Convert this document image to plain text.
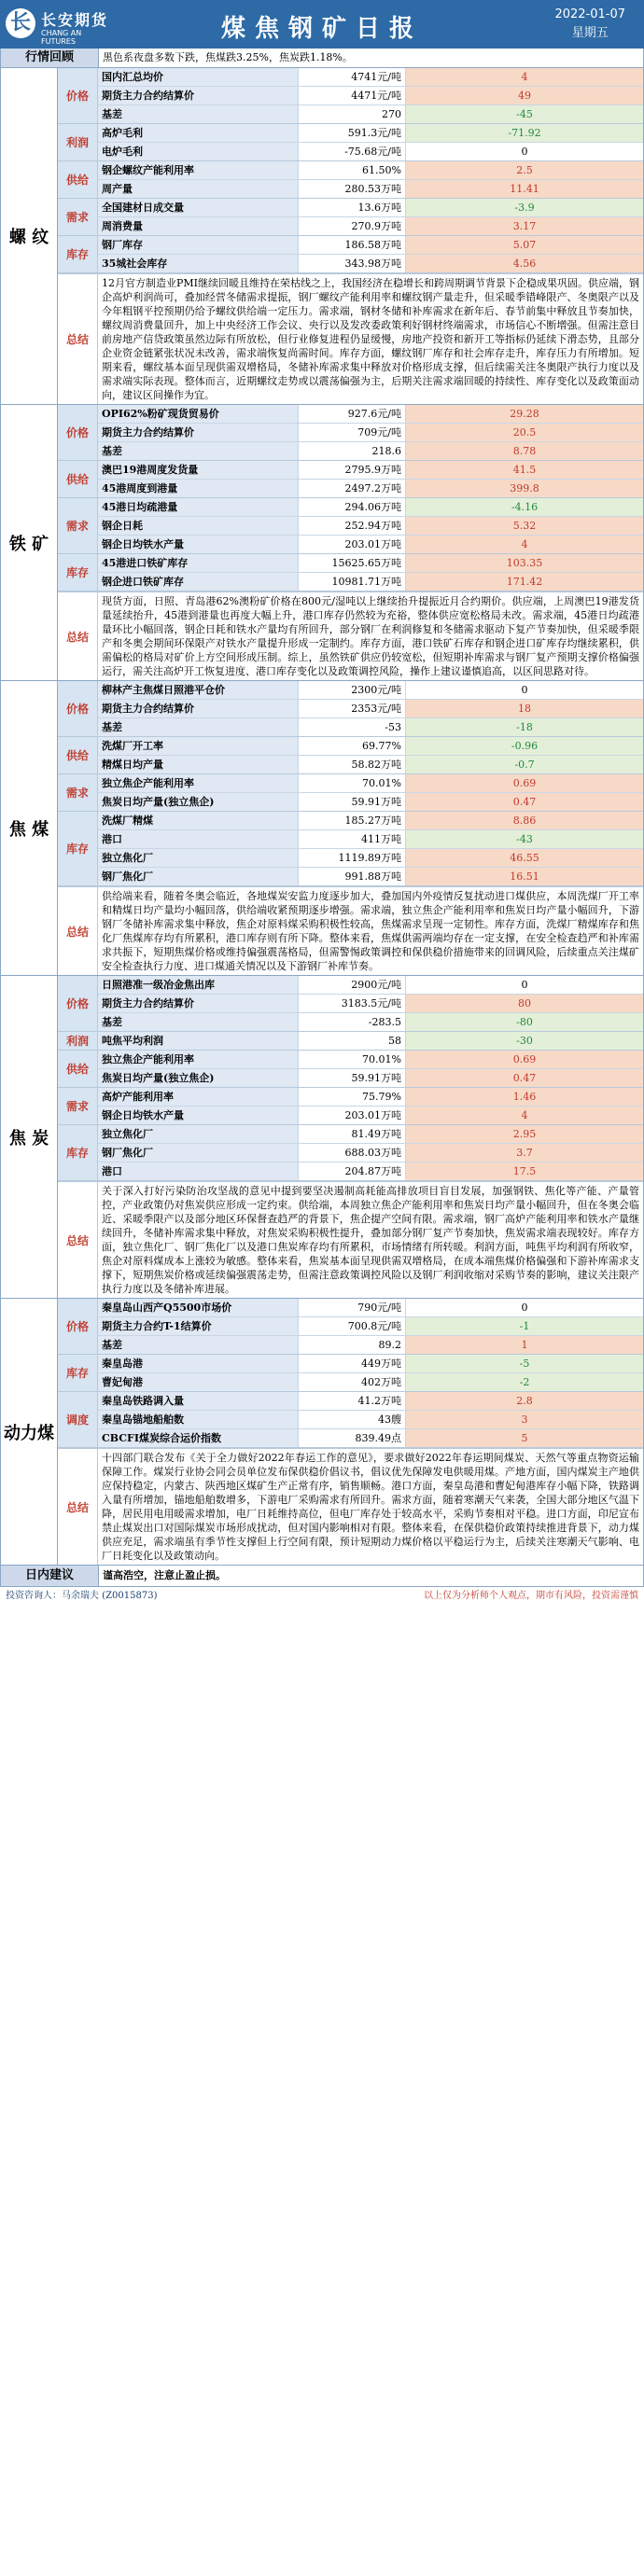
长 长安期货
CHANG AN FUTURES	煤焦钢矿日报
2022-01-07
星期五
行情回顾	黑色系夜盘多数下跌，焦煤跌3.25%，焦炭跌1.18%。
螺 纹
价格
国内汇总均价	4741元/吨	4
期货主力合约结算价	4471元/吨	49
基差	270	-45
利润
高炉毛利	591.3元/吨	-71.92
电炉毛利	-75.68元/吨	0
供给
钢企螺纹产能利用率	61.50%	2.5
周产量	280.53万吨	11.41
需求
全国建材日成交量	13.6万吨	-3.9
周消费量	270.9万吨	3.17
库存
钢厂库存	186.58万吨	5.07
35城社会库存	343.98万吨	4.56
总结
12月官方制造业PMI继续回暖且维持在荣枯线之上，我国经济在稳增长和跨周期调节背景下企稳成果巩固。供应端，钢企高炉利润尚可，叠加经营冬储需求提振，钢厂螺纹产能利用率和螺纹钢产量走升，但采暖季错峰限产、冬奥限产以及今年粗钢平控预期仍给予螺纹供给端一定压力。需求端，钢材冬储和补库需求在新年后、春节前集中释放且节奏加快，螺纹周消费量回升，加上中央经济工作会议、央行以及发改委政策利好钢材终端需求，市场信心不断增强。但需注意目前房地产信贷政策虽然边际有所放松，但行业修复进程仍显缓慢，房地产投资和新开工等指标仍延续下滑态势，且部分企业资金链紧张状况未改善，需求端恢复尚需时间。库存方面，螺纹钢厂库存和社会库存走升，库存压力有所增加。短期来看，螺纹基本面呈现供需双增格局，冬储补库需求集中释放对价格形成支撑，但后续需关注冬奥限产执行力度以及需求端实际表现。整体而言，近期螺纹走势或以震荡偏强为主，后期关注需求端回暖的持续性、库存变化以及政策面动向，建议区间操作为宜。
铁 矿
价格
OPI62%粉矿现货贸易价	927.6元/吨	29.28
期货主力合约结算价	709元/吨	20.5
基差	218.6	8.78
供给
澳巴19港周度发货量	2795.9万吨	41.5
45港周度到港量	2497.2万吨	399.8
需求
45港日均疏港量	294.06万吨	-4.16
钢企日耗	252.94万吨	5.32
钢企日均铁水产量	203.01万吨	4
库存
45港进口铁矿库存	15625.65万吨	103.35
钢企进口铁矿库存	10981.71万吨	171.42
总结
现货方面，日照、青岛港62%澳粉矿价格在800元/湿吨以上继续抬升提振近月合约期价。供应端，上周澳巴19港发货量延续抬升，45港到港量也再度大幅上升，港口库存仍然较为充裕，整体供应宽松格局未改。需求端，45港日均疏港量环比小幅回落，钢企日耗和铁水产量均有所回升，部分钢厂在利润修复和冬储需求驱动下复产节奏加快，但采暖季限产和冬奥会期间环保限产对铁水产量提升形成一定制约。库存方面，港口铁矿石库存和钢企进口矿库存均继续累积，供需偏松的格局对矿价上方空间形成压制。综上，虽然铁矿供应仍较宽松，但短期补库需求与钢厂复产预期支撑价格偏强运行，需关注高炉开工恢复进度、港口库存变化以及政策调控风险，操作上建议谨慎追高，以区间思路对待。
焦 煤
价格
柳林产主焦煤日照港平仓价	2300元/吨	0
期货主力合约结算价	2353元/吨	18
基差	-53	-18
供给
洗煤厂开工率	69.77%	-0.96
精煤日均产量	58.82万吨	-0.7
需求
独立焦企产能利用率	70.01%	0.69
焦炭日均产量(独立焦企)	59.91万吨	0.47
库存
洗煤厂精煤	185.27万吨	8.86
港口	411万吨	-43
独立焦化厂	1119.89万吨	46.55
钢厂焦化厂	991.88万吨	16.51
总结
供给端来看，随着冬奥会临近，各地煤炭安监力度逐步加大，叠加国内外疫情反复扰动进口煤供应，本周洗煤厂开工率和精煤日均产量均小幅回落，供给端收紧预期逐步增强。需求端，独立焦企产能利用率和焦炭日均产量小幅回升，下游钢厂冬储补库需求集中释放，焦企对原料煤采购积极性较高，焦煤需求呈现一定韧性。库存方面，洗煤厂精煤库存和焦化厂焦煤库存均有所累积，港口库存则有所下降。整体来看，焦煤供需两端均存在一定支撑，在安全检查趋严和补库需求共振下，短期焦煤价格或维持偏强震荡格局，但需警惕政策调控和保供稳价措施带来的回调风险，后续重点关注煤矿安全检查执行力度、进口煤通关情况以及下游钢厂补库节奏。
焦 炭
价格
日照港准一级冶金焦出库	2900元/吨	0
期货主力合约结算价	3183.5元/吨	80
基差	-283.5	-80
利润	吨焦平均利润	58	-30
供给
独立焦企产能利用率	70.01%	0.69
焦炭日均产量(独立焦企)	59.91万吨	0.47
需求
高炉产能利用率	75.79%	1.46
钢企日均铁水产量	203.01万吨	4
库存
独立焦化厂	81.49万吨	2.95
钢厂焦化厂	688.03万吨	3.7
港口	204.87万吨	17.5
总结
关于深入打好污染防治攻坚战的意见中提到要坚决遏制高耗能高排放项目盲目发展，加强钢铁、焦化等产能、产量管控，产业政策仍对焦炭供应形成一定约束。供给端，本周独立焦企产能利用率和焦炭日均产量小幅回升，但在冬奥会临近、采暖季限产以及部分地区环保督查趋严的背景下，焦企提产空间有限。需求端，钢厂高炉产能利用率和铁水产量继续回升，冬储补库需求集中释放，对焦炭采购积极性提升，叠加部分钢厂复产节奏加快，焦炭需求端表现较好。库存方面，独立焦化厂、钢厂焦化厂以及港口焦炭库存均有所累积，市场情绪有所转暖。利润方面，吨焦平均利润有所收窄，焦企对原料煤成本上涨较为敏感。整体来看，焦炭基本面呈现供需双增格局，在成本端焦煤价格偏强和下游补库需求支撑下，短期焦炭价格或延续偏强震荡走势，但需注意政策调控风险以及钢厂利润收缩对采购节奏的影响，建议关注限产执行力度以及冬储补库进展。
动力煤
价格
秦皇岛山西产Q5500市场价	790元/吨	0
期货主力合约T-1结算价	700.8元/吨	-1
基差	89.2	1
库存
秦皇岛港	449万吨	-5
曹妃甸港	402万吨	-2
调度
秦皇岛铁路调入量	41.2万吨	2.8
秦皇岛锚地船舶数	43艘	3
CBCFI煤炭综合运价指数	839.49点	5
总结
十四部门联合发布《关于全力做好2022年春运工作的意见》，要求做好2022年春运期间煤炭、天然气等重点物资运输保障工作。煤炭行业协会同会员单位发布保供稳价倡议书，倡议优先保障发电供暖用煤。产地方面，国内煤炭主产地供应保持稳定，内蒙古、陕西地区煤矿生产正常有序，销售顺畅。港口方面，秦皇岛港和曹妃甸港库存小幅下降，铁路调入量有所增加，锚地船舶数增多，下游电厂采购需求有所回升。需求方面，随着寒潮天气来袭，全国大部分地区气温下降，居民用电用暖需求增加，电厂日耗维持高位，但电厂库存处于较高水平，采购节奏相对平稳。进口方面，印尼宣布禁止煤炭出口对国际煤炭市场形成扰动，但对国内影响相对有限。整体来看，在保供稳价政策持续推进背景下，动力煤供应充足，需求端虽有季节性支撑但上行空间有限，预计短期动力煤价格以平稳运行为主，后续关注寒潮天气影响、电厂日耗变化以及政策动向。
日内建议	谨高浩空，注意止盈止损。
投资咨询人：马余瑞夫 (Z0015873)	以上仅为分析师个人观点，期市有风险，投资需谨慎
